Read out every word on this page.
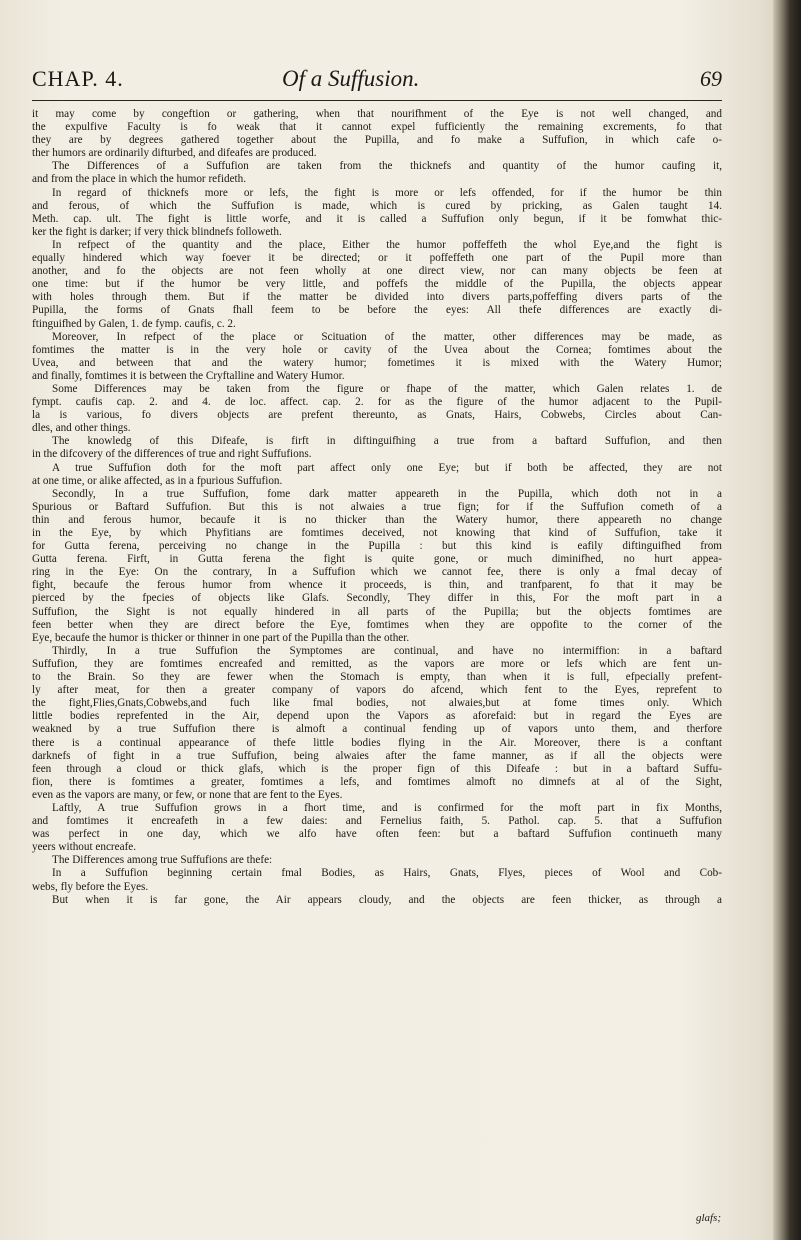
CHAP. 4.	Of a Suffusion.	69
it may come by congeftion or gathering, when that nourifhment of the Eye is not well changed, and
the expulfive Faculty is fo weak that it cannot expel fufficiently the remaining excrements, fo that
they are by degrees gathered together about the Pupilla, and fo make a Suffufion, in which cafe o-
ther humors are ordinarily difturbed, and difeafes are produced.
The Differences of a Suffufion are taken from the thicknefs and quantity of the humor caufing it,
and from the place in which the humor refideth.
In regard of thicknefs more or lefs, the fight is more or lefs offended, for if the humor be thin
and ferous, of which the Suffufion is made, which is cured by pricking, as Galen taught 14.
Meth. cap. ult. The fight is little worfe, and it is called a Suffufion only begun, if it be fomwhat thic-
ker the fight is darker; if very thick blindnefs followeth.
In refpect of the quantity and the place, Either the humor poffeffeth the whol Eye,and the fight is
equally hindered which way foever it be directed; or it poffeffeth one part of the Pupil more than
another, and fo the objects are not feen wholly at one direct view, nor can many objects be feen at
one time: but if the humor be very little, and poffefs the middle of the Pupilla, the objects appear
with holes through them. But if the matter be divided into divers parts,poffeffing divers parts of the
Pupilla, the forms of Gnats fhall feem to be before the eyes: All thefe differences are exactly di-
ftinguifhed by Galen, 1. de fymp. caufis, c. 2.
Moreover, In refpect of the place or Scituation of the matter, other differences may be made, as
fomtimes the matter is in the very hole or cavity of the Uvea about the Cornea; fomtimes about the
Uvea, and between that and the watery humor; fometimes it is mixed with the Watery Humor;
and finally, fomtimes it is between the Cryftalline and Watery Humor.
Some Differences may be taken from the figure or fhape of the matter, which Galen relates 1. de
fympt. caufis cap. 2. and 4. de loc. affect. cap. 2. for as the figure of the humor adjacent to the Pupil-
la is various, fo divers objects are prefent thereunto, as Gnats, Hairs, Cobwebs, Circles about Can-
dles, and other things.
The knowledg of this Difeafe, is firft in diftinguifhing a true from a baftard Suffufion, and then
in the difcovery of the differences of true and right Suffufions.
A true Suffufion doth for the moft part affect only one Eye; but if both be affected, they are not
at one time, or alike affected, as in a fpurious Suffufion.
Secondly, In a true Suffufion, fome dark matter appeareth in the Pupilla, which doth not in a
Spurious or Baftard Suffufion. But this is not alwaies a true fign; for if the Suffufion cometh of a
thin and ferous humor, becaufe it is no thicker than the Watery humor, there appeareth no change
in the Eye, by which Phyfitians are fomtimes deceived, not knowing that kind of Suffufion, take it
for Gutta ferena, perceiving no change in the Pupilla : but this kind is eafily diftinguifhed from
Gutta ferena. Firft, in Gutta ferena the fight is quite gone, or much diminifhed, no hurt appea-
ring in the Eye: On the contrary, In a Suffufion which we cannot fee, there is only a fmal decay of
fight, becaufe the ferous humor from whence it proceeds, is thin, and tranfparent, fo that it may be
pierced by the fpecies of objects like Glafs. Secondly, They differ in this, For the moft part in a
Suffufion, the Sight is not equally hindered in all parts of the Pupilla; but the objects fomtimes are
feen better when they are direct before the Eye, fomtimes when they are oppofite to the corner of the
Eye, becaufe the humor is thicker or thinner in one part of the Pupilla than the other.
Thirdly, In a true Suffufion the Symptomes are continual, and have no intermiffion: in a baftard
Suffufion, they are fomtimes encreafed and remitted, as the vapors are more or lefs which are fent un-
to the Brain. So they are fewer when the Stomach is empty, than when it is full, efpecially prefent-
ly after meat, for then a greater company of vapors do afcend, which fent to the Eyes, reprefent to
the fight,Flies,Gnats,Cobwebs,and fuch like fmal bodies, not alwaies,but at fome times only. Which
little bodies reprefented in the Air, depend upon the Vapors as aforefaid: but in regard the Eyes are
weakned by a true Suffufion there is almoft a continual fending up of vapors unto them, and therfore
there is a continual appearance of thefe little bodies flying in the Air. Moreover, there is a conftant
darknefs of fight in a true Suffufion, being alwaies after the fame manner, as if all the objects were
feen through a cloud or thick glafs, which is the proper fign of this Difeafe : but in a baftard Suffu-
fion, there is fomtimes a greater, fomtimes a lefs, and fomtimes almoft no dimnefs at al of the Sight,
even as the vapors are many, or few, or none that are fent to the Eyes.
Laftly, A true Suffufion grows in a fhort time, and is confirmed for the moft part in fix Months,
and fomtimes it encreafeth in a few daies: and Fernelius faith, 5. Pathol. cap. 5. that a Suffufion
was perfect in one day, which we alfo have often feen: but a baftard Suffufion continueth many
yeers without encreafe.
The Differences among true Suffufions are thefe:
In a Suffufion beginning certain fmal Bodies, as Hairs, Gnats, Flyes, pieces of Wool and Cob-
webs, fly before the Eyes.
But when it is far gone, the Air appears cloudy, and the objects are feen thicker, as through a
glafs;
